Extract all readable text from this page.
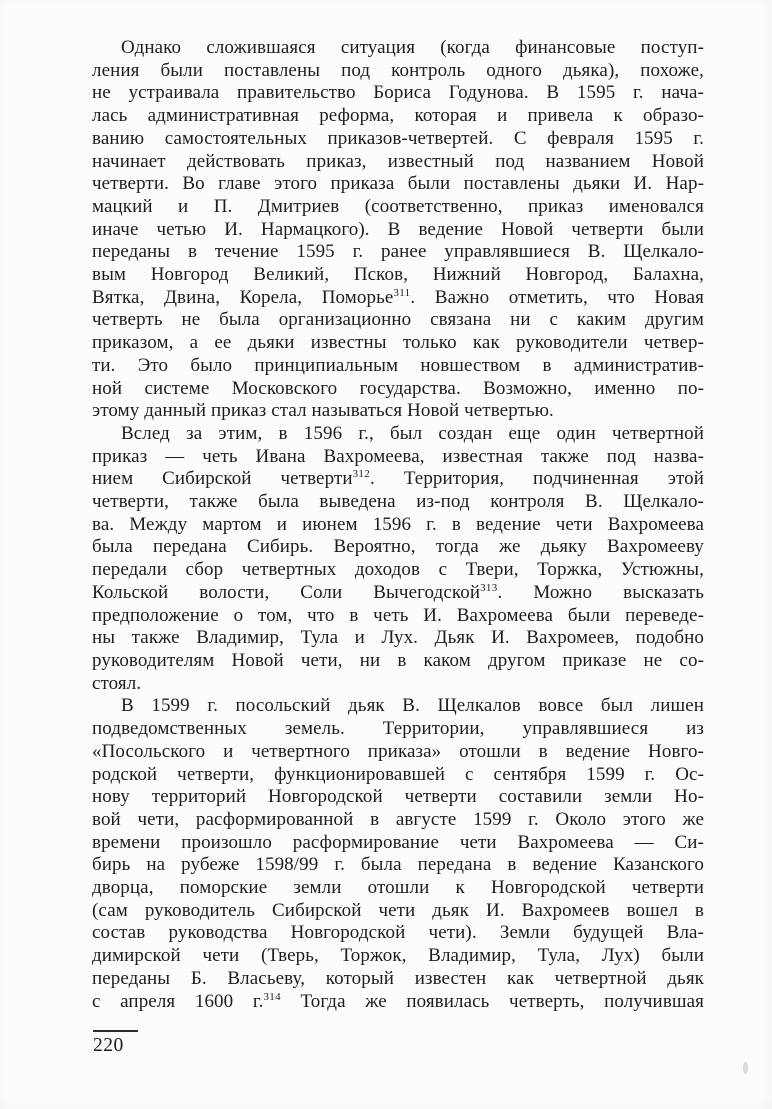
Однако сложившаяся ситуация (когда финансовые поступ-
ления были поставлены под контроль одного дьяка), похоже,
не устраивала правительство Бориса Годунова. В 1595 г. нача-
лась административная реформа, которая и привела к образо-
ванию самостоятельных приказов-четвертей. С февраля 1595 г.
начинает действовать приказ, известный под названием Новой
четверти. Во главе этого приказа были поставлены дьяки И. Нар-
мацкий и П. Дмитриев (соответственно, приказ именовался
иначе четью И. Нармацкого). В ведение Новой четверти были
переданы в течение 1595 г. ранее управлявшиеся В. Щелкало-
вым Новгород Великий, Псков, Нижний Новгород, Балахна,
Вятка, Двина, Корела, Поморье$^{311}$. Важно отметить, что Новая
четверть не была организационно связана ни с каким другим
приказом, а ее дьяки известны только как руководители четвер-
ти. Это было принципиальным новшеством в административ-
ной системе Московского государства. Возможно, именно по-
этому данный приказ стал называться Новой четвертью.
Вслед за этим, в 1596 г., был создан еще один четвертной
приказ — четь Ивана Вахромеева, известная также под назва-
нием Сибирской четверти$^{312}$. Территория, подчиненная этой
четверти, также была выведена из-под контроля В. Щелкало-
ва. Между мартом и июнем 1596 г. в ведение чети Вахромеева
была передана Сибирь. Вероятно, тогда же дьяку Вахромееву
передали сбор четвертных доходов с Твери, Торжка, Устюжны,
Кольской волости, Соли Вычегодской$^{313}$. Можно высказать
предположение о том, что в четь И. Вахромеева были переведе-
ны также Владимир, Тула и Лух. Дьяк И. Вахромеев, подобно
руководителям Новой чети, ни в каком другом приказе не со-
стоял.
В 1599 г. посольский дьяк В. Щелкалов вовсе был лишен
подведомственных земель. Территории, управлявшиеся из
«Посольского и четвертного приказа» отошли в ведение Новго-
родской четверти, функционировавшей с сентября 1599 г. Ос-
нову территорий Новгородской четверти составили земли Но-
вой чети, расформированной в августе 1599 г. Около этого же
времени произошло расформирование чети Вахромеева — Си-
бирь на рубеже 1598/99 г. была передана в ведение Казанского
дворца, поморские земли отошли к Новгородской четверти
(сам руководитель Сибирской чети дьяк И. Вахромеев вошел в
состав руководства Новгородской чети). Земли будущей Вла-
димирской чети (Тверь, Торжок, Владимир, Тула, Лух) были
переданы Б. Власьеву, который известен как четвертной дьяк
с апреля 1600 г.$^{314}$ Тогда же появилась четверть, получившая
220
